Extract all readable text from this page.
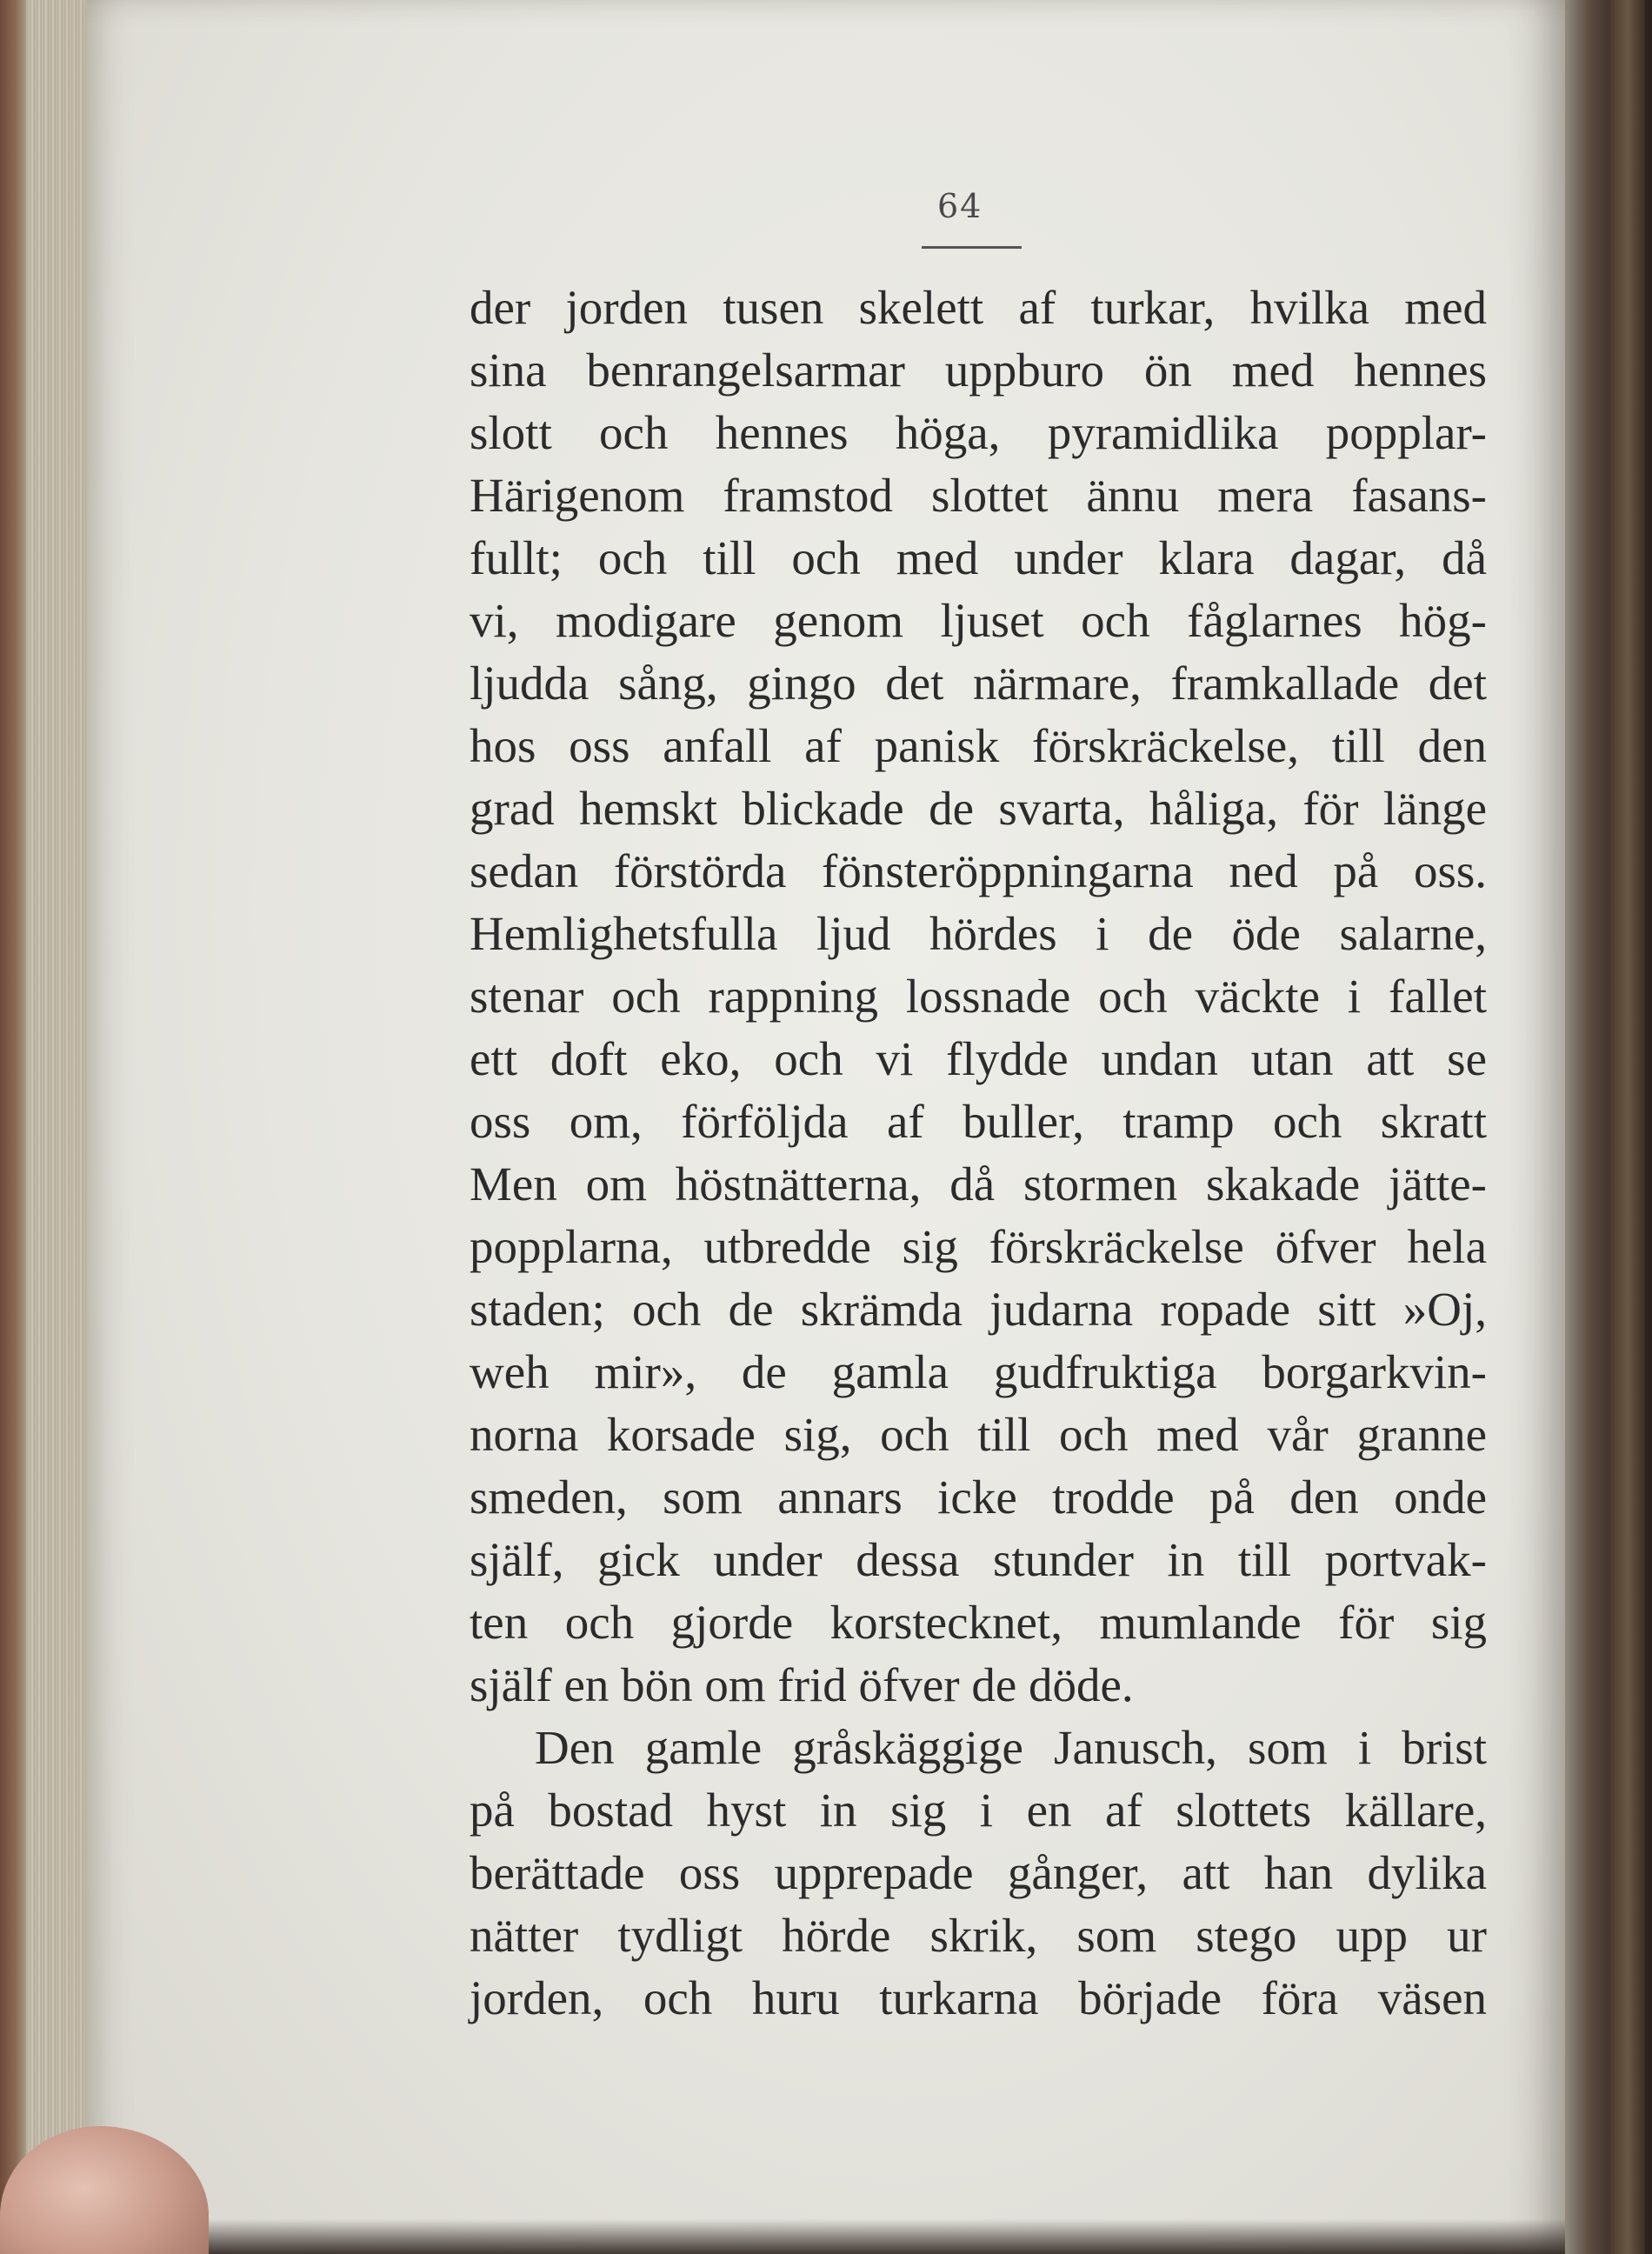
64
der jorden tusen skelett af turkar, hvilka med
sina benrangelsarmar uppburo ön med hennes
slott och hennes höga, pyramidlika popplar-
Härigenom framstod slottet ännu mera fasans-
fullt; och till och med under klara dagar, då
vi, modigare genom ljuset och fåglarnes hög-
ljudda sång, gingo det närmare, framkallade det
hos oss anfall af panisk förskräckelse, till den
grad hemskt blickade de svarta, håliga, för länge
sedan förstörda fönsteröppningarna ned på oss.
Hemlighetsfulla ljud hördes i de öde salarne,
stenar och rappning lossnade och väckte i fallet
ett doft eko, och vi flydde undan utan att se
oss om, förföljda af buller, tramp och skratt
Men om höstnätterna, då stormen skakade jätte-
popplarna, utbredde sig förskräckelse öfver hela
staden; och de skrämda judarna ropade sitt »Oj,
weh mir», de gamla gudfruktiga borgarkvin-
norna korsade sig, och till och med vår granne
smeden, som annars icke trodde på den onde
själf, gick under dessa stunder in till portvak-
ten och gjorde korstecknet, mumlande för sig
själf en bön om frid öfver de döde.
Den gamle gråskäggige Janusch, som i brist
på bostad hyst in sig i en af slottets källare,
berättade oss upprepade gånger, att han dylika
nätter tydligt hörde skrik, som stego upp ur
jorden, och huru turkarna började föra väsen
